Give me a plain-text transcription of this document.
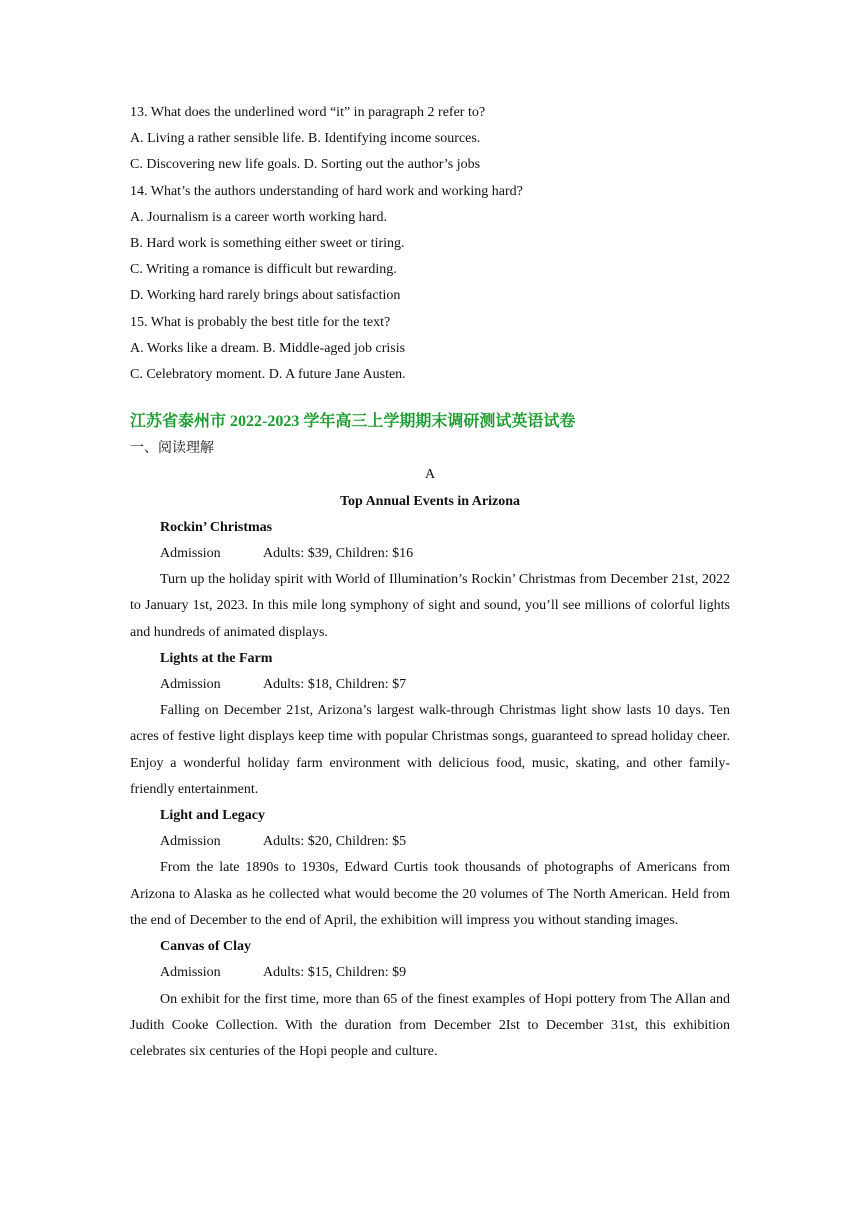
13. What does the underlined word “it” in paragraph 2 refer to?

A. Living a rather sensible life. B. Identifying income sources.

C. Discovering new life goals. D. Sorting out the author’s jobs

14. What’s the authors understanding of hard work and working hard?

A. Journalism is a career worth working hard.

B. Hard work is something either sweet or tiring.

C. Writing a romance is difficult but rewarding.

D. Working hard rarely brings about satisfaction

15. What is probably the best title for the text?

A. Works like a dream. B. Middle-aged job crisis

C. Celebratory moment. D. A future Jane Austen.

江苏省泰州市 2022-2023 学年高三上学期期末调研测试英语试卷

一、阅读理解

A

Top Annual Events in Arizona

Rockin’ Christmas

Admission	Adults: $39, Children: $16

Turn up the holiday spirit with World of Illumination’s Rockin’ Christmas from December 21st, 2022 to January 1st, 2023. In this mile long symphony of sight and sound, you’ll see millions of colorful lights and hundreds of animated displays.

Lights at the Farm

Admission	Adults: $18, Children: $7

Falling on December 21st, Arizona’s largest walk-through Christmas light show lasts 10 days. Ten acres of festive light displays keep time with popular Christmas songs, guaranteed to spread holiday cheer. Enjoy a wonderful holiday farm environment with delicious food, music, skating, and other family-friendly entertainment.

Light and Legacy

Admission	Adults: $20, Children: $5

From the late 1890s to 1930s, Edward Curtis took thousands of photographs of Americans from Arizona to Alaska as he collected what would become the 20 volumes of The North American. Held from the end of December to the end of April, the exhibition will impress you without standing images.

Canvas of Clay

Admission	Adults: $15, Children: $9

On exhibit for the first time, more than 65 of the finest examples of Hopi pottery from The Allan and Judith Cooke Collection. With the duration from December 2Ist to December 31st, this exhibition celebrates six centuries of the Hopi people and culture.
